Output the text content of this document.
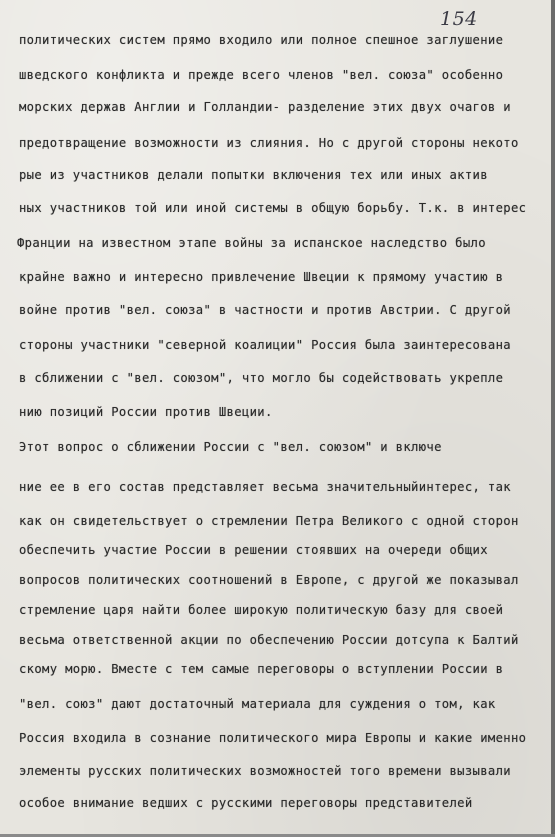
154
политических систем прямо входило или полное спешное заглушение
шведского конфликта и прежде всего членов "вел. союза" особенно
морских держав Англии и Голландии- разделение этих двух очагов и
предотвращение возможности из слияния. Но с другой стороны некото
рые из участников делали попытки включения тех или иных актив
ных участников той или иной системы в общую борьбу. Т.к. в интерес
Франции на известном этапе войны за испанское наследство было
крайне важно и интересно привлечение Швеции к прямому участию в
войне против "вел. союза" в частности и против Австрии. С другой
стороны участники "северной коалиции" Россия была заинтересована
в сближении с "вел. союзом", что могло бы содействовать укрепле
нию позиций России против Швеции.
Этот вопрос о сближении России с "вел. союзом" и включе
ние ее в его состав представляет весьма значительныйинтерес, так
как он свидетельствует о стремлении Петра Великого с одной сторон
обеспечить участие России в решении стоявших на очереди общих
вопросов политических соотношений в Европе, с другой же показывал
стремление царя найти более широкую политическую базу для своей
весьма ответственной акции по обеспечению России дотсупа к Балтий
скому морю. Вместе с тем самые переговоры о вступлении России в
"вел. союз" дают достаточный материала для суждения о том, как
Россия входила в сознание политического мира Европы и какие именно
элементы русских политических возможностей того времени вызывали
особое внимание ведших с русскими переговоры представителей
